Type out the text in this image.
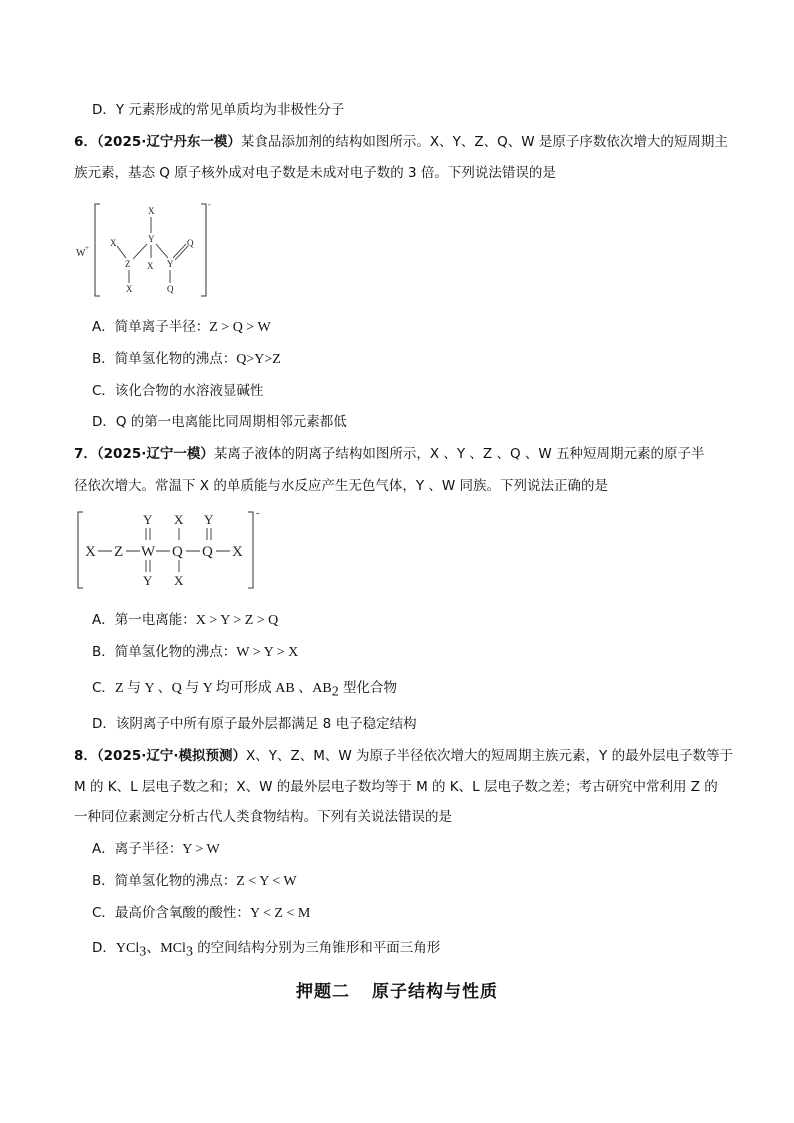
D．Y 元素形成的常见单质均为非极性分子
6．（2025·辽宁丹东一模）某食品添加剂的结构如图所示。X、Y、Z、Q、W 是原子序数依次增大的短周期主
族元素，基态 Q 原子核外成对电子数是未成对电子数的 3 倍。下列说法错误的是
W +
-
X
Y
X
Z X Y
Q
X	Q
A．简单离子半径：Z > Q > W
B．简单氢化物的沸点：Q>Y>Z
C．该化合物的水溶液显碱性
D．Q 的第一电离能比同周期相邻元素都低
7．（2025·辽宁一模）某离子液体的阴离子结构如图所示，X 、Y 、Z 、Q 、W 五种短周期元素的原子半
径依次增大。常温下 X 的单质能与水反应产生无色气体，Y 、W 同族。下列说法正确的是
-
X Z W Q Q X
Y
Y
X
X
Y
A．第一电离能：X > Y > Z > Q
B．简单氢化物的沸点：W > Y > X
C．Z 与 Y 、Q 与 Y 均可形成 AB 、$AB_2$ 型化合物
D．该阴离子中所有原子最外层都满足 8 电子稳定结构
8．（2025·辽宁·模拟预测）X、Y、Z、M、W 为原子半径依次增大的短周期主族元素，Y 的最外层电子数等于
M 的 K、L 层电子数之和；X、W 的最外层电子数均等于 M 的 K、L 层电子数之差；考古研究中常利用 Z 的
一种同位素测定分析古代人类食物结构。下列有关说法错误的是
A．离子半径：Y > W
B．简单氢化物的沸点：Z < Y < W
C．最高价含氧酸的酸性：Y < Z < M
D．YCl$_3$、MCl$_3$ 的空间结构分别为三角锥形和平面三角形
押题二 原子结构与性质
